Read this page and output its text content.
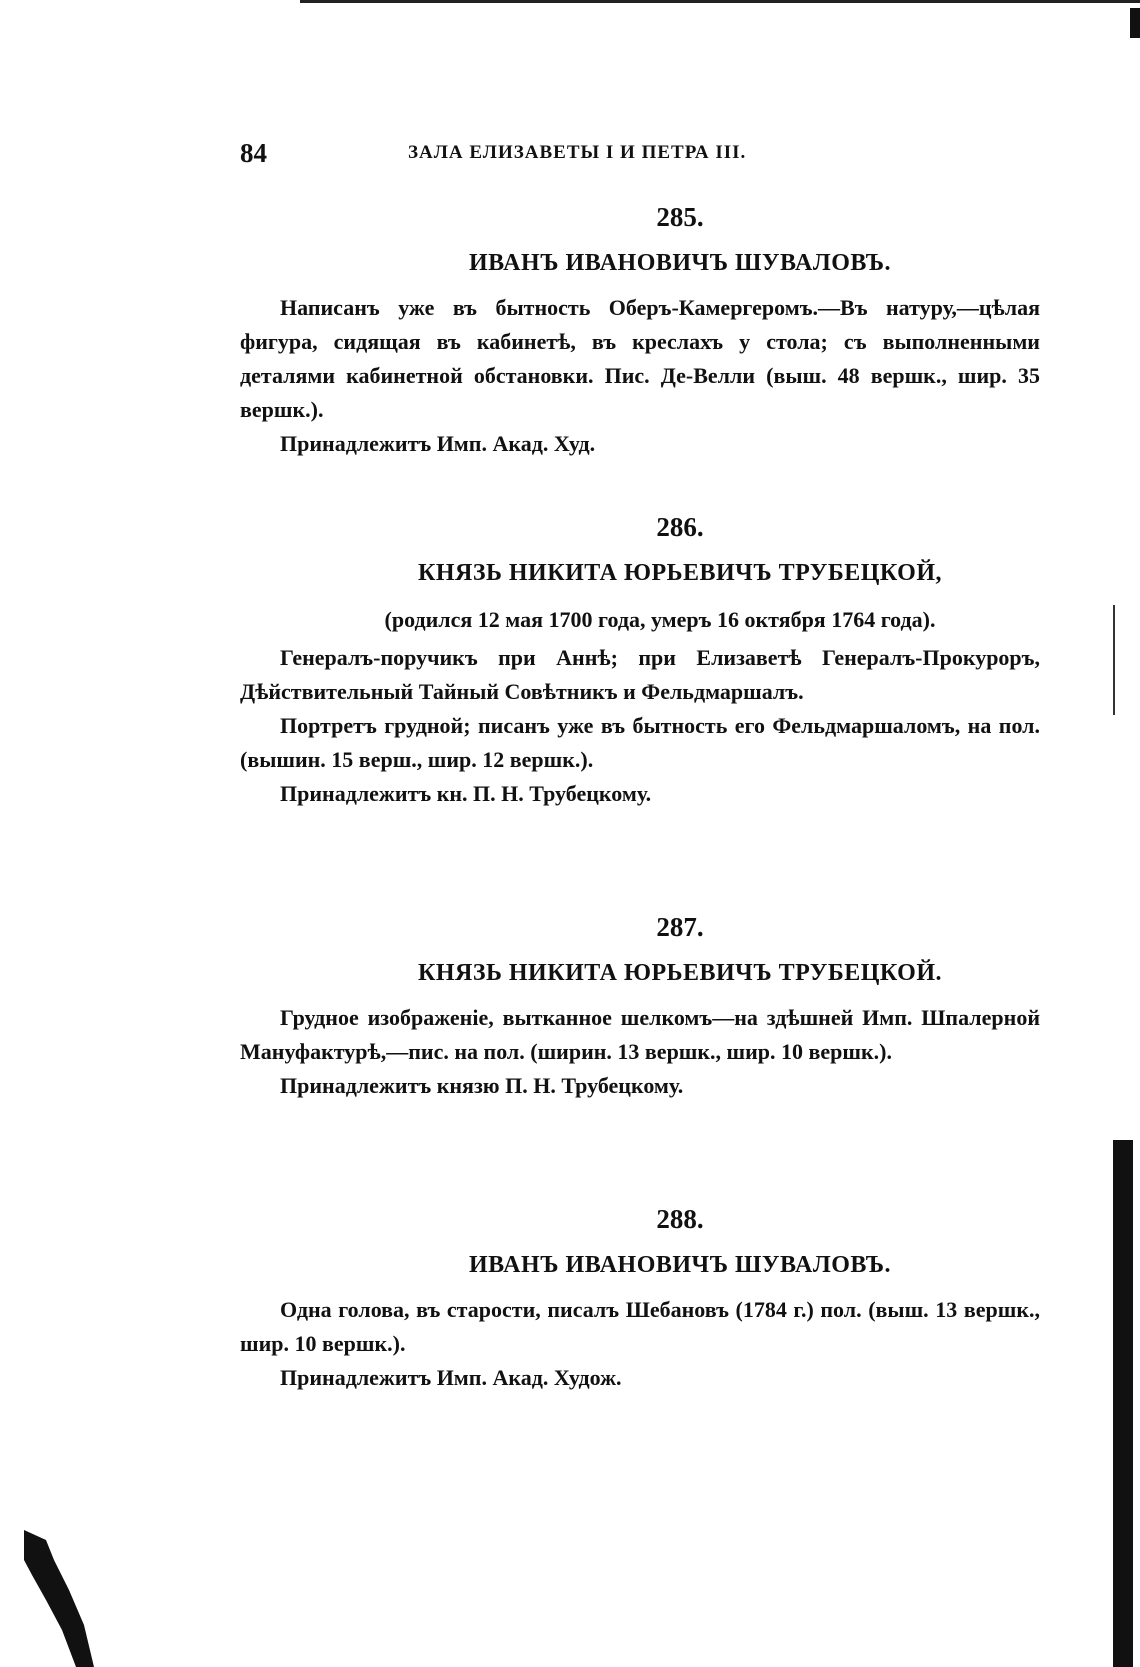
84	ЗАЛА ЕЛИЗАВЕТЫ I И ПЕТРА III.
285.
ИВАНЪ ИВАНОВИЧЪ ШУВАЛОВЪ.

Написанъ уже въ бытность Оберъ-Камергеромъ.—Въ натуру,—цѣлая фигура, сидящая въ кабинетѣ, въ креслахъ у стола; съ выполненными деталями кабинетной обстановки. Пис. Де-Велли (выш. 48 вершк., шир. 35 вершк.).

Принадлежитъ Имп. Акад. Худ.

286.
КНЯЗЬ НИКИТА ЮРЬЕВИЧЪ ТРУБЕЦКОЙ,
(родился 12 мая 1700 года, умеръ 16 октября 1764 года).

Генералъ-поручикъ при Аннѣ; при Елизаветѣ Генералъ-Прокуроръ, Дѣйствительный Тайный Совѣтникъ и Фельдмаршалъ.

Портретъ грудной; писанъ уже въ бытность его Фельдмаршаломъ, на пол. (вышин. 15 верш., шир. 12 вершк.).

Принадлежитъ кн. П. Н. Трубецкому.

287.
КНЯЗЬ НИКИТА ЮРЬЕВИЧЪ ТРУБЕЦКОЙ.

Грудное изображеніе, вытканное шелкомъ—на здѣшней Имп. Шпалерной Мануфактурѣ,—пис. на пол. (ширин. 13 вершк., шир. 10 вершк.).

Принадлежитъ князю П. Н. Трубецкому.

288.
ИВАНЪ ИВАНОВИЧЪ ШУВАЛОВЪ.

Одна голова, въ старости, писалъ Шебановъ (1784 г.) пол. (выш. 13 вершк., шир. 10 вершк.).

Принадлежитъ Имп. Акад. Худож.
